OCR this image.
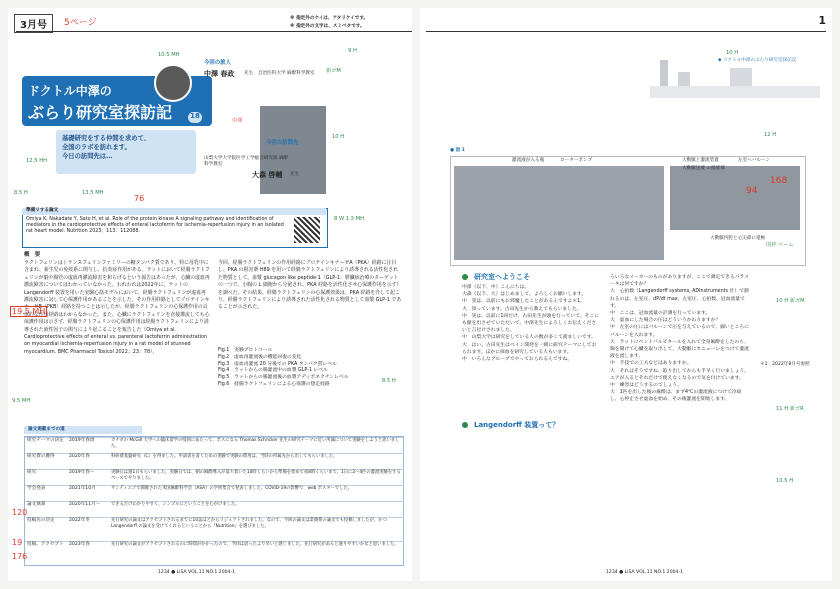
3月号	5ページ	※ 指定外のケイは、アタリケイです。
※ 指定外の文字は、スミベタです。
ドクトル中澤の
ぶらり研究室探訪記	18
基礎研究をする仲間を求めて、
全国のラボを訪れます。
今日の訪問先は…
今回の旅人
中澤 春政 先生 自治医科大学 麻酔科学教室
今回の訪問先
山梨大学大学院医学工学総合研究部 麻酔科学教室
大森 啓輔 先生
準備リする論文
Omiya K, Nakadate Y, Sato H, et al. Role of the protein kinase A signaling pathway and identification of mediators in the cardioprotective effects of enteral lactoferrin for ischemia-reperfusion injury in an isolated rat heart model. Nutrition 2023；113：112088.
概　要
ラクトフェリンはトランスフェリンファミリーの糖タンパク質であり、特に母乳中に含まれ、新生児の免疫系に関与し、抗炎症作用がある。ラットにおいて経腸ラクトフェリンが脳や腸管の虚血再灌流障害を和らげるという報告はあったが、心臓の虚血再灌流障害についてはわかっていなかった。われわれは2022年に、ラットの Langendorff 装置を用いた実験心筋モデルにおいて、経腸ラクトフェリンが虚血再灌流障害に対して心保護作用があることを示した。その作用経路としてプロテインキナーゼB（PKB）経路を持つことは示したが、経腸ラクトフェリンの心保護作用の具体的な作用経路はわからなかった。また、心臓にラクトフェリンを直接灌流しても心保護作用は示さず、経腸ラクトフェリンの心保護作用は経腸ラクトフェリンにより誘導された液性因子の関与により起こることを報告した（Omiya et al. Cardioprotective effects of enteral vs. parenteral lactoferrin administration on myocardial ischemia-reperfusion injury in a rat model of stunned myocardium. BMC Pharmacol Toxicol 2022；23：78）。
今回、経腸ラクトフェリンの作用経路にプロテインキナーゼA（PKA）経路に注目し、PKA の阻害剤 H89 を用いて経腸ラクトフェリンにより誘導される活性化された物質として、血漿 glucagon like peptide-1（GLP-1：膵臓病治療のターゲットの一つで、小腸の L 細胞から分泌され、PKA 経路を活性化させ心保護作用を示す）を調べた。その結果、経腸ラクトフェリンの心保護効果は、PKA 経路を介して起こり、経腸ラクトフェリンにより誘導された活性化される物質として血漿 GLP-1 であることが示された。
Fig.1　実験プロトコール
Fig.2　虚血再灌流後の機能回復の変化
Fig.3　虚血再灌流 20 分後での PKA タンパク質レベル
Fig.4　ラットからの腸灌流中の血漿 GLP-1 レベル
Fig.5　ラットからの腸灌流後の血漿アディポネクチンレベル
Fig.6　経腸ラクトフェリンによる心保護の想定経路
論文掲載までの道
研究テーマの決定 2019年春頃	カナダの McGill 大学への臨床留学の帰国にあたって、ボスになる Thomas Schricker 先生の研究テーマに近い所属について実験をしようと思いました。
研究費の獲得	2020年春	科研費基盤研究（C）を得ました。申請書を書くための実験で実験の費用は、当時の所属先から出してもらいました。
研究	2019年春～	実験日は週1日もらいました。実験日では、朝の麻酔導入が落ち着いた10時くらいから準備を始めて夜8時くらいまで、1日に2～4匹の灌流実験をするペースでやりました。
学会発表	2021年10月	サンディエゴで開催された米国麻酔科学会（ASA）の学術集会で発表しました。COVID-19の影響で、web ポスターでした。
論文執筆	2020年11月～ できるだけわかりやすく、シンプルにということを心がけました。
投稿先の決定	2022年冬	先行研究の論文はアクセプトされるまでに10誌ほどからリジェクトされました。なので、今回の論文は業績系の論文でも投稿しましたが、かつ Langendorff の論文を受けてくれるということから『Nutrition』を選びました。
投稿、アクセプト 2023年春	先行研究の論文がアクセプトされるのに時間がかかったので、今回は思ったより早いと感じました。先行研究があると通りやすいかなと思いました。
1234 ● LiSA VOL.11 NO.1 2004-1
8.5 H	13.5 MH
12.5 HH
10.5 MH
新ゴM
9 H
中澤
8 W 1.3 MH
10 H
19.5 MH
9.5 MH
8.5 H
19
120
176
76
1
◆ ドクトル中澤のぶらり研究室探訪記
● 図 1
灌流液が入る瓶	ローターポンプ	大動脈と灌流装置	左室へバルーン
大動脈送液 の接続部
大動脈内腔と心尖部に電極
研究室へようこそ
中澤（以下、中）こんにちは。
大森（以下、大）はじめまして。よろしくお願いします。
中　実は、以前にもお邪魔したことがあるんですよ＊1。
大　知っています。古田先生から教えてもらいました。
中　実は、以前に1回だけ、古田先生が頭を行っていて、そこにも顔を出させていただいて、中澤先生によろしくお伝えくださいと言付けされました。
中　山梨大学は研究をしている人の数が多くて羨ましいです。
大　はい。古田先生はベイン開発を一緒に研究テーマにしておられます。ほかに採血を研究している人もいます。
中　いろんなグループでやっておられるんですね。
Langendorff 装置って？
ろいろなメーカーのものがありますが、ここで測定できるパラメータは何ですか？
大　心拍数（Langendorff systems, ADInstruments 社）で測れるのは、左室圧、dP/dt max、左室圧、心拍数、冠血流量です。
中　ここは、冠血流量の計測を行っています。
大　虚血にした場合の圧はどういうかわりますか？
中　左室の圧にはバルーンで圧を与えているので、細いところにバルーンを入れます。
大　ラットにペントバルビタールを入れて全身麻酔をしたのち、胸を開けて心臓を取り出して、大動脈にカニューレをつけて灌流液を流します。
中　手技での工夫などはありますか。
大　それはそうですね、取り出してからも手早く行いましょう。エアが入るとそれだけで使えなくなるので気を付けています。
中　練習はどうするのでしょう。
大　1匹を出した後の麻酔は、まず4℃の灌流液につけて冷却し、心停止させ虚血を始め、その後灌流を開始します。
＊1　2022年8月号参照
1234 ● LiSA VOL.11 NO.1 2004-1
168
94
12 H
国枠 ベーム
10 H 新ゴM
11 H 新ゴR
10.5 H
10 H
